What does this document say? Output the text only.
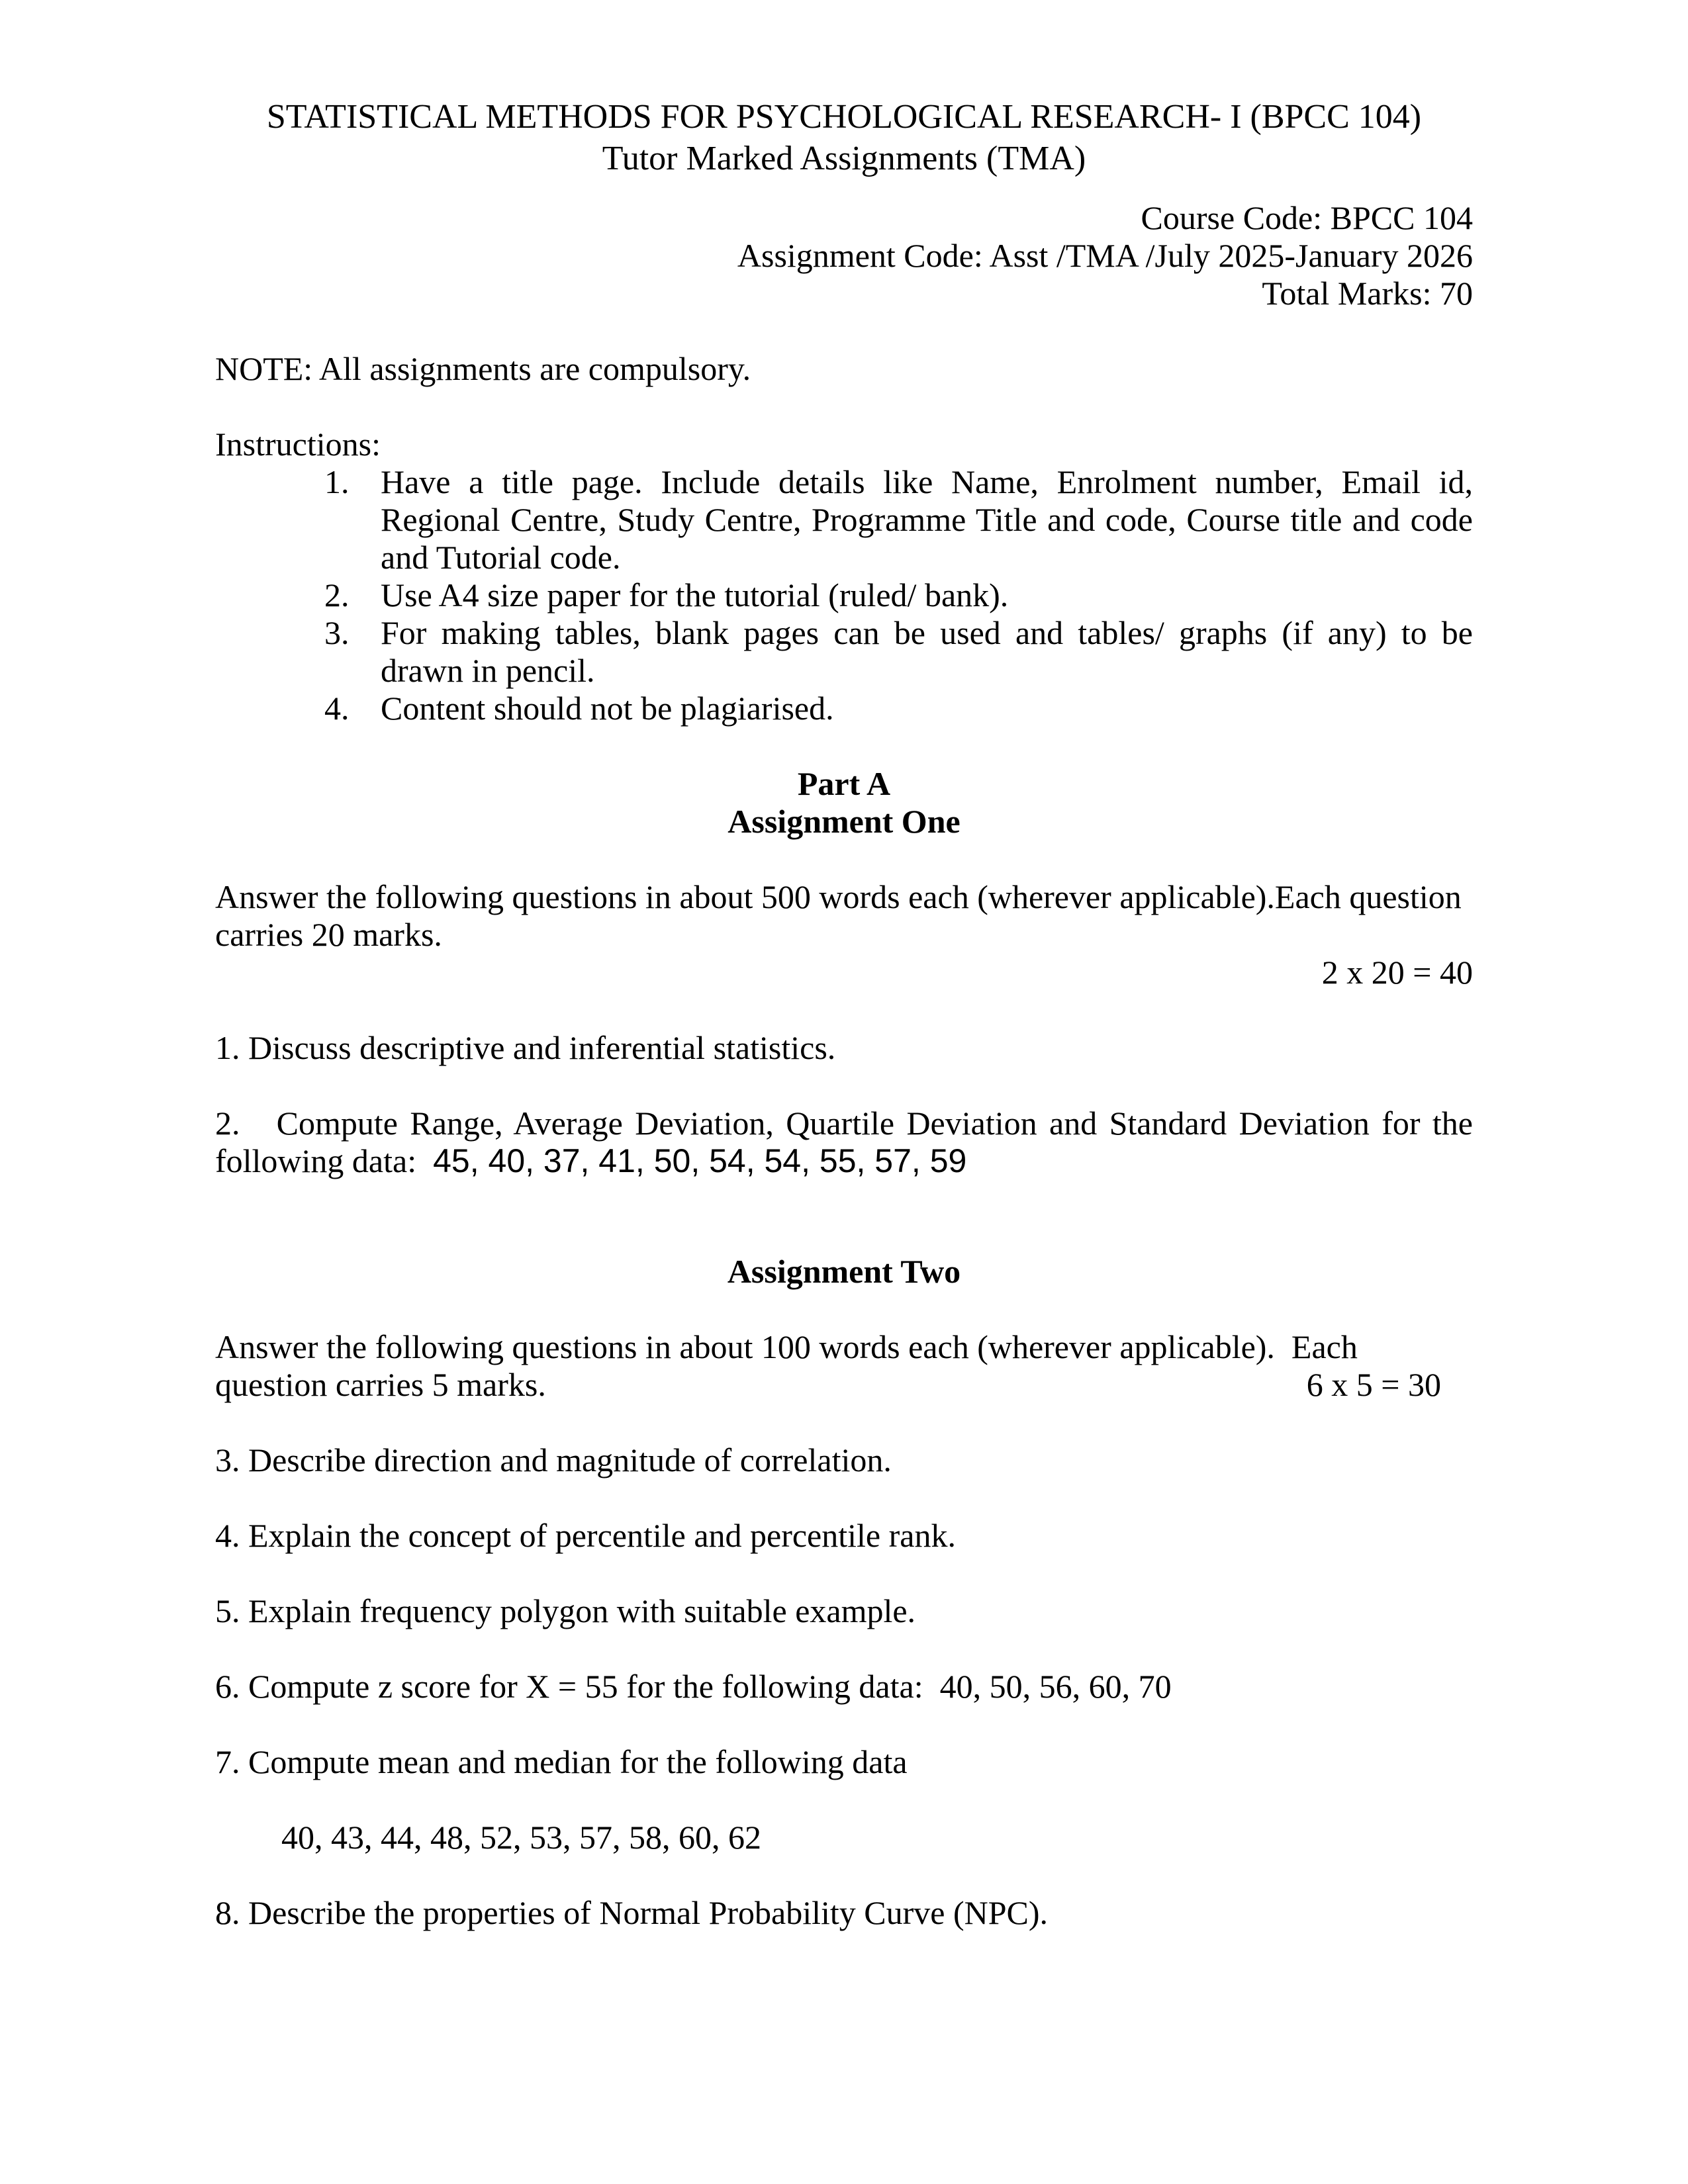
STATISTICAL METHODS FOR PSYCHOLOGICAL RESEARCH- I (BPCC 104)

Tutor Marked Assignments (TMA)

Course Code: BPCC 104

Assignment Code: Asst /TMA /July 2025-January 2026

Total Marks: 70

NOTE: All assignments are compulsory.

Instructions:

1. Have a title page. Include details like Name, Enrolment number, Email id, Regional Centre, Study Centre, Programme Title and code, Course title and code and Tutorial code.
2. Use A4 size paper for the tutorial (ruled/ bank).
3. For making tables, blank pages can be used and tables/ graphs (if any) to be drawn in pencil.
4. Content should not be plagiarised.

Part A

Assignment One

Answer the following questions in about 500 words each (wherever applicable).Each question carries 20 marks.

2 x 20 = 40

1. Discuss descriptive and inferential statistics.

2.   Compute Range, Average Deviation, Quartile Deviation and Standard Deviation for the following data:  45, 40, 37, 41, 50, 54, 54, 55, 57, 59

Assignment Two

Answer the following questions in about 100 words each (wherever applicable).  Each question carries 5 marks.	6 x 5 = 30

3. Describe direction and magnitude of correlation.

4. Explain the concept of percentile and percentile rank.

5. Explain frequency polygon with suitable example.

6. Compute z score for X = 55 for the following data:  40, 50, 56, 60, 70

7. Compute mean and median for the following data

40, 43, 44, 48, 52, 53, 57, 58, 60, 62

8. Describe the properties of Normal Probability Curve (NPC).
